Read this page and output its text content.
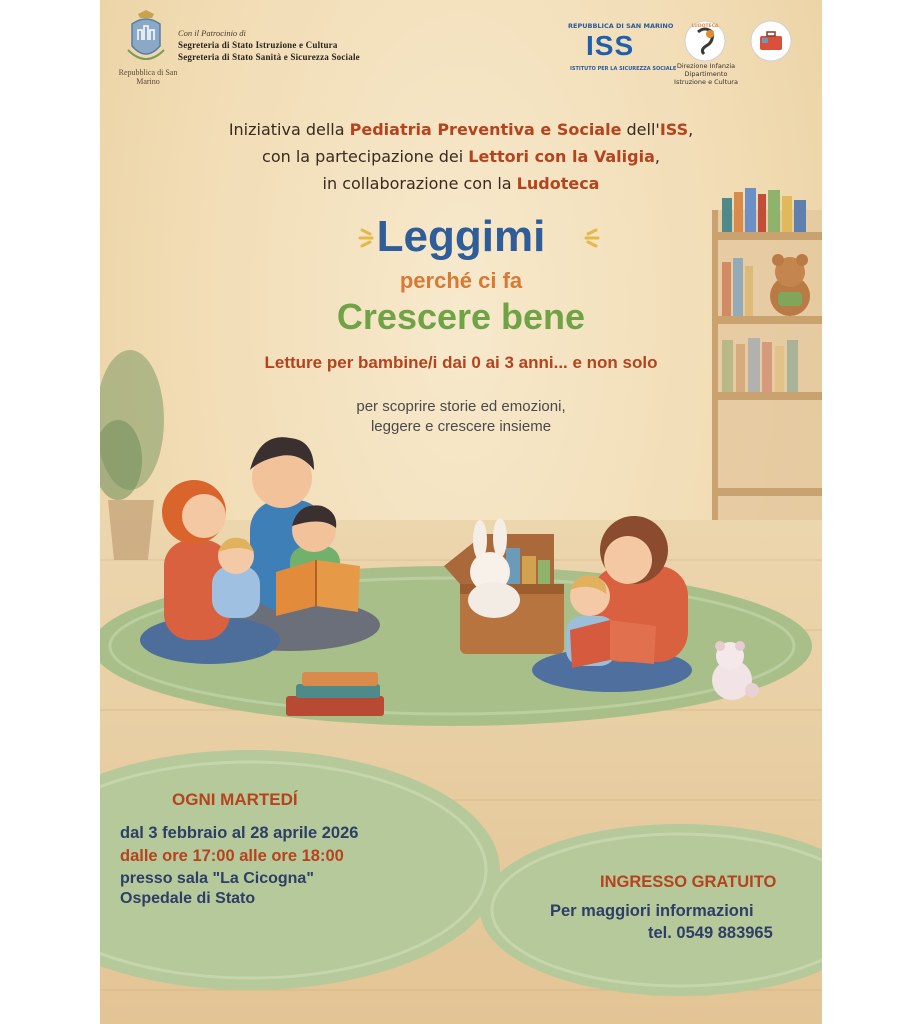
Repubblica di San Marino
Con il Patrocinio di
Segreteria di Stato Istruzione e Cultura
Segreteria di Stato Sanità e Sicurezza Sociale
REPUBBLICA DI SAN MARINO
ISS
ISTITUTO PER LA SICUREZZA SOCIALE
LUDOTECA
Direzione Infanzia Dipartimento Istruzione e Cultura
Iniziativa della Pediatria Preventiva e Sociale dell'ISS,
con la partecipazione dei Lettori con la Valigia,
in collaborazione con la Ludoteca
Leggimi
perché ci fa
Crescere bene
Letture per bambine/i dai 0 ai 3 anni... e non solo
per scoprire storie ed emozioni,
leggere e crescere insieme
OGNI MARTEDÍ
dal 3 febbraio al 28 aprile 2026
dalle ore 17:00 alle ore 18:00
presso sala "La Cicogna"
Ospedale di Stato
INGRESSO GRATUITO
Per maggiori informazioni
tel. 0549 883965
